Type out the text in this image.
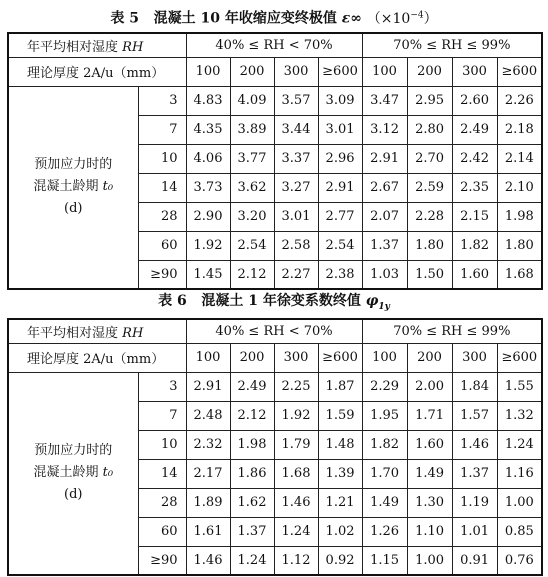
表 5 混凝土 10 年收缩应变终极值 ε∞ $(\times 10^{-4})$
年平均相对湿度 RH		40% ≤ RH < 70%				70% ≤ RH ≤ 99%			
理论厚度 2A/u（mm）		100	200	300	≥600	100	200	300	≥600

预加应力时的
混凝土龄期 t₀
(d)	3	4.83	4.09	3.57	3.09	3.47	2.95	2.60	2.26
	7	4.35	3.89	3.44	3.01	3.12	2.80	2.49	2.18
	10	4.06	3.77	3.37	2.96	2.91	2.70	2.42	2.14
	14	3.73	3.62	3.27	2.91	2.67	2.59	2.35	2.10
	28	2.90	3.20	3.01	2.77	2.07	2.28	2.15	1.98
	60	1.92	2.54	2.58	2.54	1.37	1.80	1.82	1.80
	≥90	1.45	2.12	2.27	2.38	1.03	1.50	1.60	1.68
表 6 混凝土 1 年徐变系数终值 $\varphi_{1y}$
年平均相对湿度 RH		40% ≤ RH < 70%				70% ≤ RH ≤ 99%			
理论厚度 2A/u（mm）		100	200	300	≥600	100	200	300	≥600

预加应力时的
混凝土龄期 t₀
(d)	3	2.91	2.49	2.25	1.87	2.29	2.00	1.84	1.55
	7	2.48	2.12	1.92	1.59	1.95	1.71	1.57	1.32
	10	2.32	1.98	1.79	1.48	1.82	1.60	1.46	1.24
	14	2.17	1.86	1.68	1.39	1.70	1.49	1.37	1.16
	28	1.89	1.62	1.46	1.21	1.49	1.30	1.19	1.00
	60	1.61	1.37	1.24	1.02	1.26	1.10	1.01	0.85
	≥90	1.46	1.24	1.12	0.92	1.15	1.00	0.91	0.76
